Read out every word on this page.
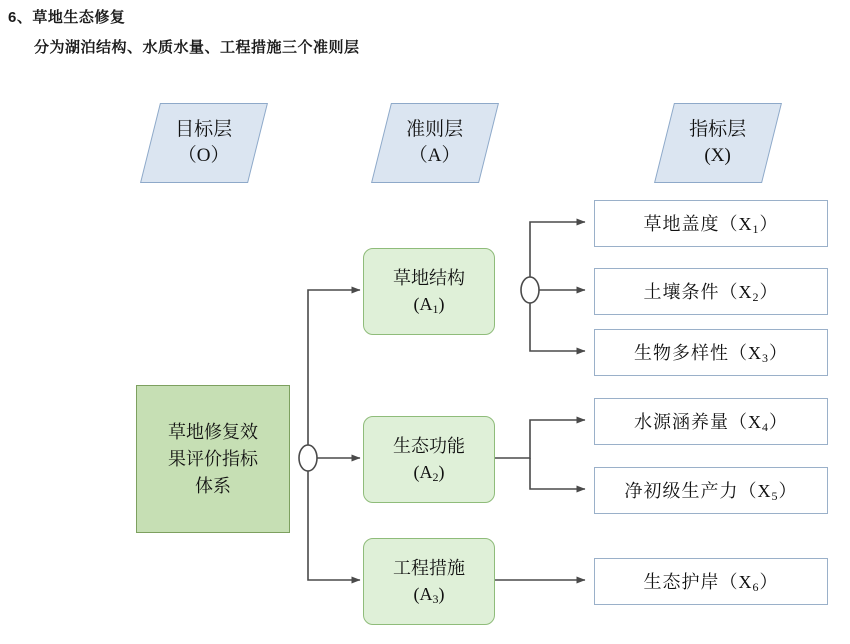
6、草地生态修复
分为湖泊结构、水质水量、工程措施三个准则层
目标层
（O）
准则层
（A）
指标层
(X)
草地修复效
果评价指标
体系
草地结构
$(A_1)$
生态功能
$(A_2)$
工程措施
$(A_3)$
草地盖度$(X_1)$
土壤条件$(X_2)$
生物多样性$(X_3)$
水源涵养量$(X_4)$
净初级生产力$(X_5)$
生态护岸$(X_6)$
